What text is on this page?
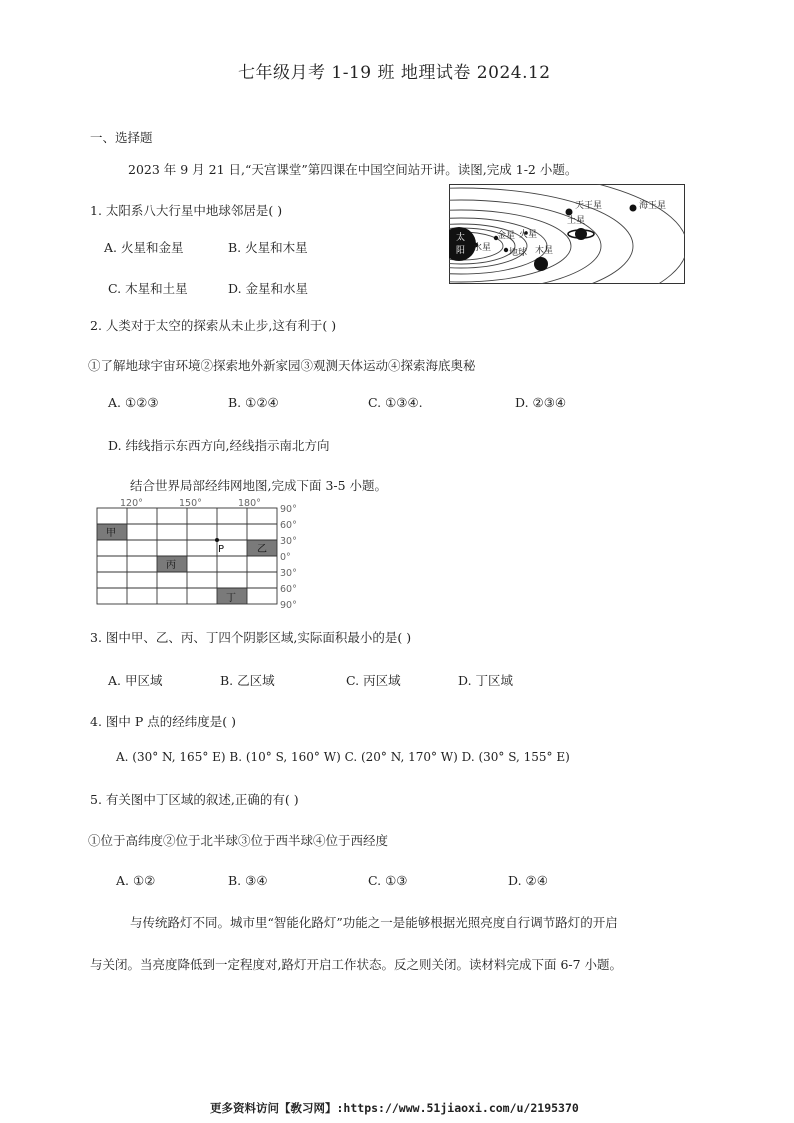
七年级月考 1-19 班 地理试卷 2024.12
一、选择题
2023 年 9 月 21 日,“天宫课堂”第四课在中国空间站开讲。读图,完成 1-2 小题。
1. 太阳系八大行星中地球邻居是( )
A. 火星和金星	B. 火星和木星
C. 木星和土星	D. 金星和水星
太
阳 水星
金星
地球
火星
木星
土星
天王星	海王星
2. 人类对于太空的探索从未止步,这有利于( )
①了解地球宇宙环境②探索地外新家园③观测天体运动④探索海底奥秘
A. ①②③	B. ①②④	C. ①③④.	D. ②③④
D. 纬线指示东西方向,经线指示南北方向
结合世界局部经纬网地图,完成下面 3-5 小题。
120°	150°	180°
甲
乙
丙
丁
P
90°
60°
30°
0°
30°
60°
90°
3. 图中甲、乙、丙、丁四个阴影区域,实际面积最小的是( )
A. 甲区域	B. 乙区域	C. 丙区域	D. 丁区域
4. 图中 P 点的经纬度是( )
A. (30° N, 165° E) B. (10° S, 160° W) C. (20° N, 170° W) D. (30° S, 155° E)
5. 有关图中丁区域的叙述,正确的有( )
①位于高纬度②位于北半球③位于西半球④位于西经度
A. ①②	B. ③④	C. ①③	D. ②④
与传统路灯不同。城市里“智能化路灯”功能之一是能够根据光照亮度自行调节路灯的开启
与关闭。当亮度降低到一定程度对,路灯开启工作状态。反之则关闭。读材料完成下面 6-7 小题。
更多资料访问【敎习网】:https://www.51jiaoxi.com/u/2195370
